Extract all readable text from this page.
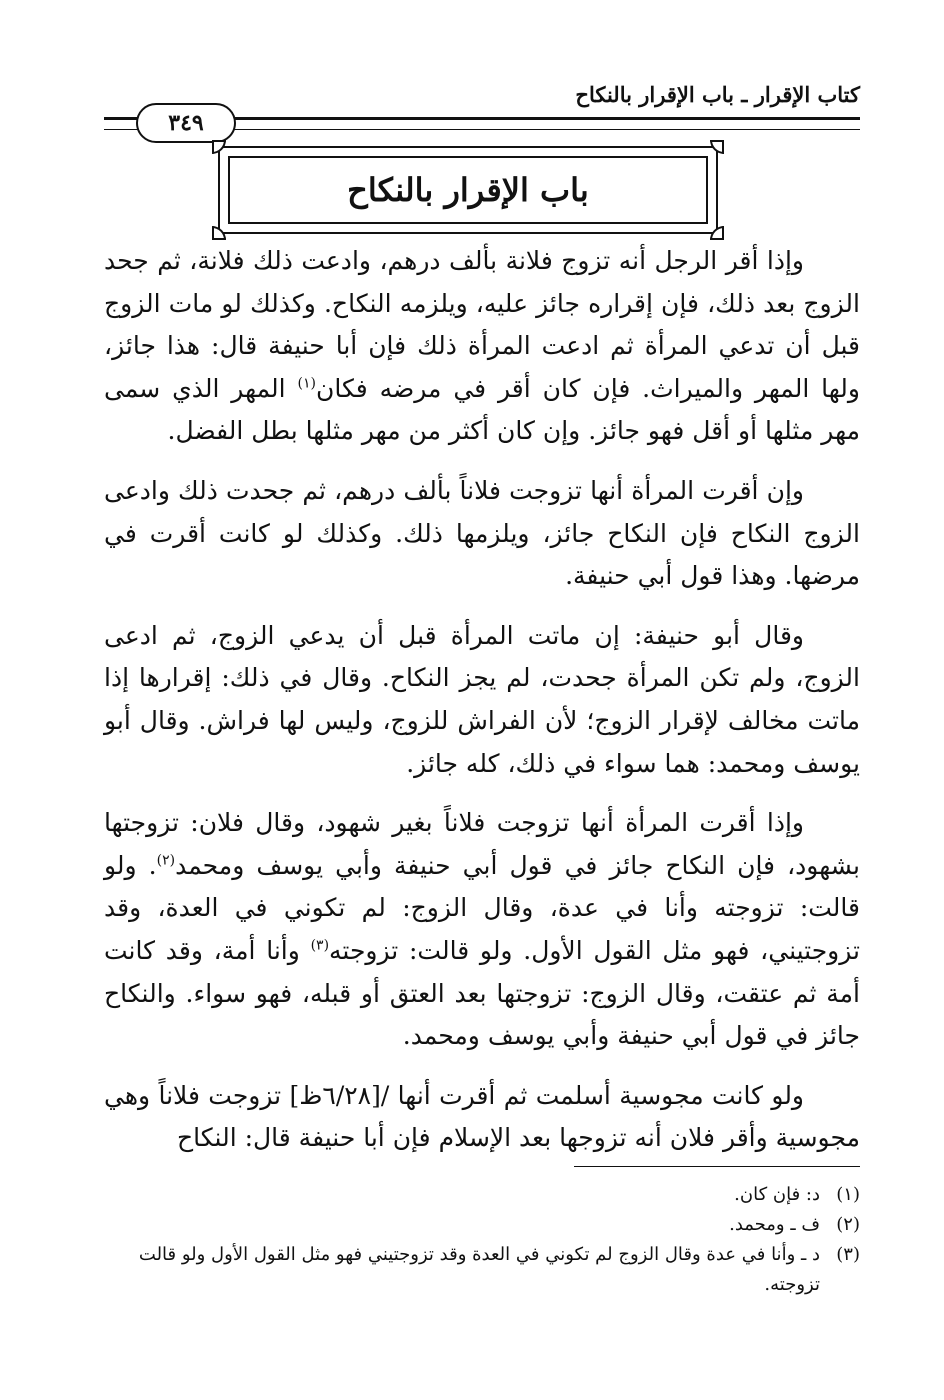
كتاب الإقرار ـ باب الإقرار بالنكاح
٣٤٩
باب الإقرار بالنكاح

وإذا أقر الرجل أنه تزوج فلانة بألف درهم، وادعت ذلك فلانة، ثم جحد الزوج بعد ذلك، فإن إقراره جائز عليه، ويلزمه النكاح. وكذلك لو مات الزوج قبل أن تدعي المرأة ثم ادعت المرأة ذلك فإن أبا حنيفة قال: هذا جائز، ولها المهر والميراث. فإن كان أقر في مرضه فكان$^{(١)}$ المهر الذي سمى مهر مثلها أو أقل فهو جائز. وإن كان أكثر من مهر مثلها بطل الفضل.

وإن أقرت المرأة أنها تزوجت فلاناً بألف درهم، ثم جحدت ذلك وادعى الزوج النكاح فإن النكاح جائز، ويلزمها ذلك. وكذلك لو كانت أقرت في مرضها. وهذا قول أبي حنيفة.

وقال أبو حنيفة: إن ماتت المرأة قبل أن يدعي الزوج، ثم ادعى الزوج، ولم تكن المرأة جحدت، لم يجز النكاح. وقال في ذلك: إقرارها إذا ماتت مخالف لإقرار الزوج؛ لأن الفراش للزوج، وليس لها فراش. وقال أبو يوسف ومحمد: هما سواء في ذلك، كله جائز.

وإذا أقرت المرأة أنها تزوجت فلاناً بغير شهود، وقال فلان: تزوجتها بشهود، فإن النكاح جائز في قول أبي حنيفة وأبي يوسف ومحمد$^{(٢)}$. ولو قالت: تزوجته وأنا في عدة، وقال الزوج: لم تكوني في العدة، وقد تزوجتيني، فهو مثل القول الأول. ولو قالت: تزوجته$^{(٣)}$ وأنا أمة، وقد كانت أمة ثم عتقت، وقال الزوج: تزوجتها بعد العتق أو قبله، فهو سواء. والنكاح جائز في قول أبي حنيفة وأبي يوسف ومحمد.

ولو كانت مجوسية أسلمت ثم أقرت أنها /[٦/٢٨ظ] تزوجت فلاناً وهي مجوسية وأقر فلان أنه تزوجها بعد الإسلام فإن أبا حنيفة قال: النكاح

(١)
د: فإن كان.
(٢)
ف ـ ومحمد.
(٣)
د ـ وأنا في عدة وقال الزوج لم تكوني في العدة وقد تزوجتيني فهو مثل القول الأول ولو قالت تزوجته.
